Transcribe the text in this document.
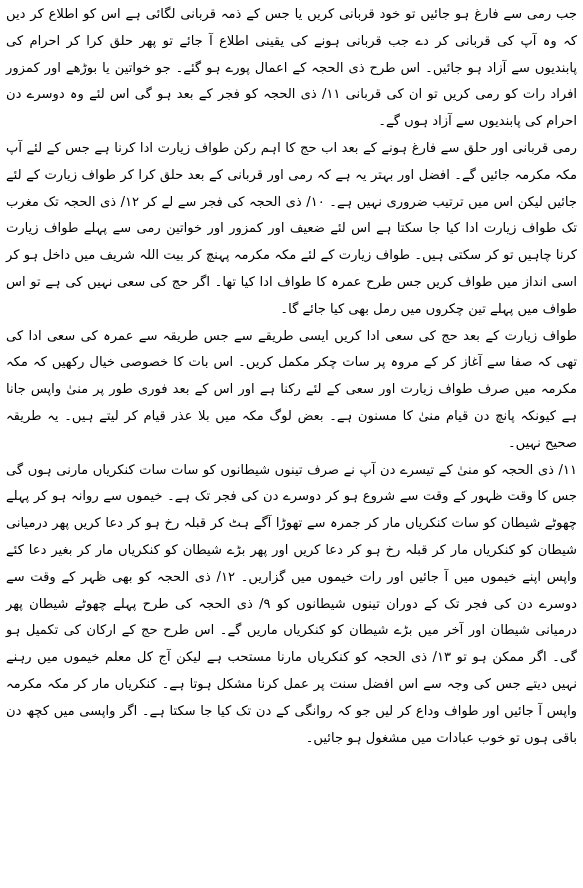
جب رمی سے فارغ ہو جائیں تو خود قربانی کریں یا جس کے ذمہ قربانی لگائی ہے اس کو اطلاع کر دیں کہ وہ آپ کی قربانی کر دے جب قربانی ہونے کی یقینی اطلاع آ جائے تو پھر حلق کرا کر احرام کی پابندیوں سے آزاد ہو جائیں۔ اس طرح ذی الحجہ کے اعمال پورے ہو گئے۔ جو خواتین یا بوڑھے اور کمزور افراد رات کو رمی کریں تو ان کی قربانی ۱۱/ ذی الحجہ کو فجر کے بعد ہو گی اس لئے وہ دوسرے دن احرام کی پابندیوں سے آزاد ہوں گے۔

رمی قربانی اور حلق سے فارغ ہونے کے بعد اب حج کا اہم رکن طواف زیارت ادا کرنا ہے جس کے لئے آپ مکہ مکرمہ جائیں گے۔ افضل اور بہتر یہ ہے کہ رمی اور قربانی کے بعد حلق کرا کر طواف زیارت کے لئے جائیں لیکن اس میں ترتیب ضروری نہیں ہے۔ ۱۰/ ذی الحجہ کی فجر سے لے کر ۱۲/ ذی الحجہ تک مغرب تک طواف زیارت ادا کیا جا سکتا ہے اس لئے ضعیف اور کمزور اور خواتین رمی سے پہلے طواف زیارت کرنا چاہیں تو کر سکتی ہیں۔ طواف زیارت کے لئے مکہ مکرمہ پہنچ کر بیت اللہ شریف میں داخل ہو کر اسی انداز میں طواف کریں جس طرح عمرہ کا طواف ادا کیا تھا۔ اگر حج کی سعی نہیں کی ہے تو اس طواف میں پہلے تین چکروں میں رمل بھی کیا جائے گا۔

طواف زیارت کے بعد حج کی سعی ادا کریں ایسی طریقے سے جس طریقہ سے عمرہ کی سعی ادا کی تھی کہ صفا سے آغاز کر کے مروہ پر سات چکر مکمل کریں۔ اس بات کا خصوصی خیال رکھیں کہ مکہ مکرمہ میں صرف طواف زیارت اور سعی کے لئے رکنا ہے اور اس کے بعد فوری طور پر منیٰ واپس جانا ہے کیونکہ پانچ دن قیام منیٰ کا مسنون ہے۔ بعض لوگ مکہ میں بلا عذر قیام کر لیتے ہیں۔ یہ طریقہ صحیح نہیں۔

۱۱/ ذی الحجہ کو منیٰ کے تیسرے دن آپ نے صرف تینوں شیطانوں کو سات سات کنکریاں مارنی ہوں گی جس کا وقت ظہور کے وقت سے شروع ہو کر دوسرے دن کی فجر تک ہے۔ خیموں سے روانہ ہو کر پہلے چھوٹے شیطان کو سات کنکریاں مار کر جمرہ سے تھوڑا آگے ہٹ کر قبلہ رخ ہو کر دعا کریں پھر درمیانی شیطان کو کنکریاں مار کر قبلہ رخ ہو کر دعا کریں اور پھر بڑے شیطان کو کنکریاں مار کر بغیر دعا کئے واپس اپنے خیموں میں آ جائیں اور رات خیموں میں گزاریں۔ ۱۲/ ذی الحجہ کو بھی ظہر کے وقت سے دوسرے دن کی فجر تک کے دوران تینوں شیطانوں کو ۹/ ذی الحجہ کی طرح پہلے چھوٹے شیطان پھر درمیانی شیطان اور آخر میں بڑے شیطان کو کنکریاں ماریں گے۔ اس طرح حج کے ارکان کی تکمیل ہو گی۔ اگر ممکن ہو تو ۱۳/ ذی الحجہ کو کنکریاں مارنا مستحب ہے لیکن آج کل معلم خیموں میں رہنے نہیں دیتے جس کی وجہ سے اس افضل سنت پر عمل کرنا مشکل ہوتا ہے۔ کنکریاں مار کر مکہ مکرمہ واپس آ جائیں اور طواف وداع کر لیں جو کہ روانگی کے دن تک کیا جا سکتا ہے۔ اگر واپسی میں کچھ دن باقی ہوں تو خوب عبادات میں مشغول ہو جائیں۔
